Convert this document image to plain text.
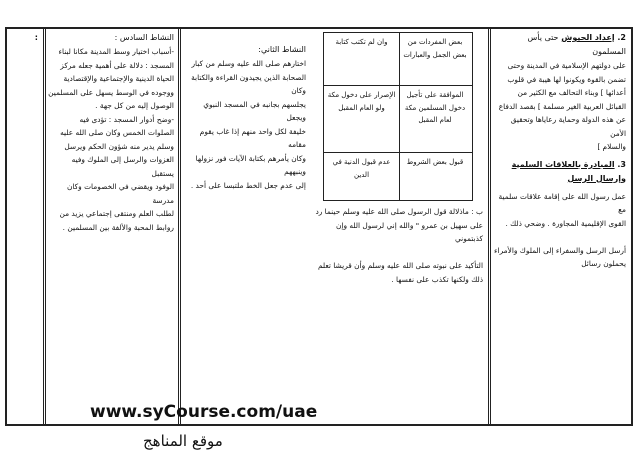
2. إعداد الجيوش حتى يأس المسلمون

على دولتهم الإسلامية في المدينة وحتى

تضمن بالقوة ويكونوا لها هيبة في قلوب

أعدائها ] وبناء التحالف مع الكثير من

القبائل العربية الغير مسلمة ] بقصد الدفاع

عن هذه الدولة وحماية رعاياها وتحقيق الأمن

والسلام ]

3. المبادرة بالعلاقات السلمية وإرسال الرسل

عمل رسول الله على إقامة علاقات سلمية مع

القوى الإقليمية المجاورة . وضحي ذلك .

أرسل الرسل والسفراء إلى الملوك والأمراء

يحملون رسائل

بعض المفردات من بعض الجمل والعبارات
وان لم تكتب كتابة
الموافقة على تأجيل دخول المسلمين مكة لعام المقبل
الإصرار على دخول مكة ولو العام المقبل
قبول بعض الشروط
عدم قبول الدنية في الدين

ب : ماذلالة قول الرسول صلى الله عليه وسلم حينما رد

على سهيل بن عمرو " والله إني لرسول الله وإن كذبتموني

التأكيد على نبوته صلى الله عليه وسلم وأن قريشا تعلم

ذلك ولكنها تكذب على نفسها .

النشاط الثاني:

اختارهم صلى الله عليه وسلم من كبار

الصحابة الذين يجيدون القراءة والكتابة وكان

يجلسهم بجانبه في المسجد النبوي ويجعل

خليفة لكل واحد منهم إذا غاب يقوم مقامه

وكان يأمرهم بكتابة الآيات فور نزولها وينبههم

إلى عدم جعل الخط ملتبسا على أحد .

النشاط السادس :

-أسباب اختيار وسط المدينة مكانا لبناء

المسجد : دلالة على أهمية جعله مركز

الحياة الدينية والإجتماعية والإقتصادية

ووجوده في الوسط يسهل على المسلمين

الوصول إليه من كل جهة .

-وضح أدوار المسجد : تؤدى فيه

الصلوات الخمس وكان صلى الله عليه

وسلم يدير منه شؤون الحكم ويرسل

الغزوات والرسل إلى الملوك وفيه يستقبل

الوفود ويقضي في الخصومات وكان مدرسة

لطلب العلم ومنتقى إجتماعي يزيد من

روابط المحبة والألفة بين المسلمين .

:

www.syCourse.com/uae
موقع المناهج
